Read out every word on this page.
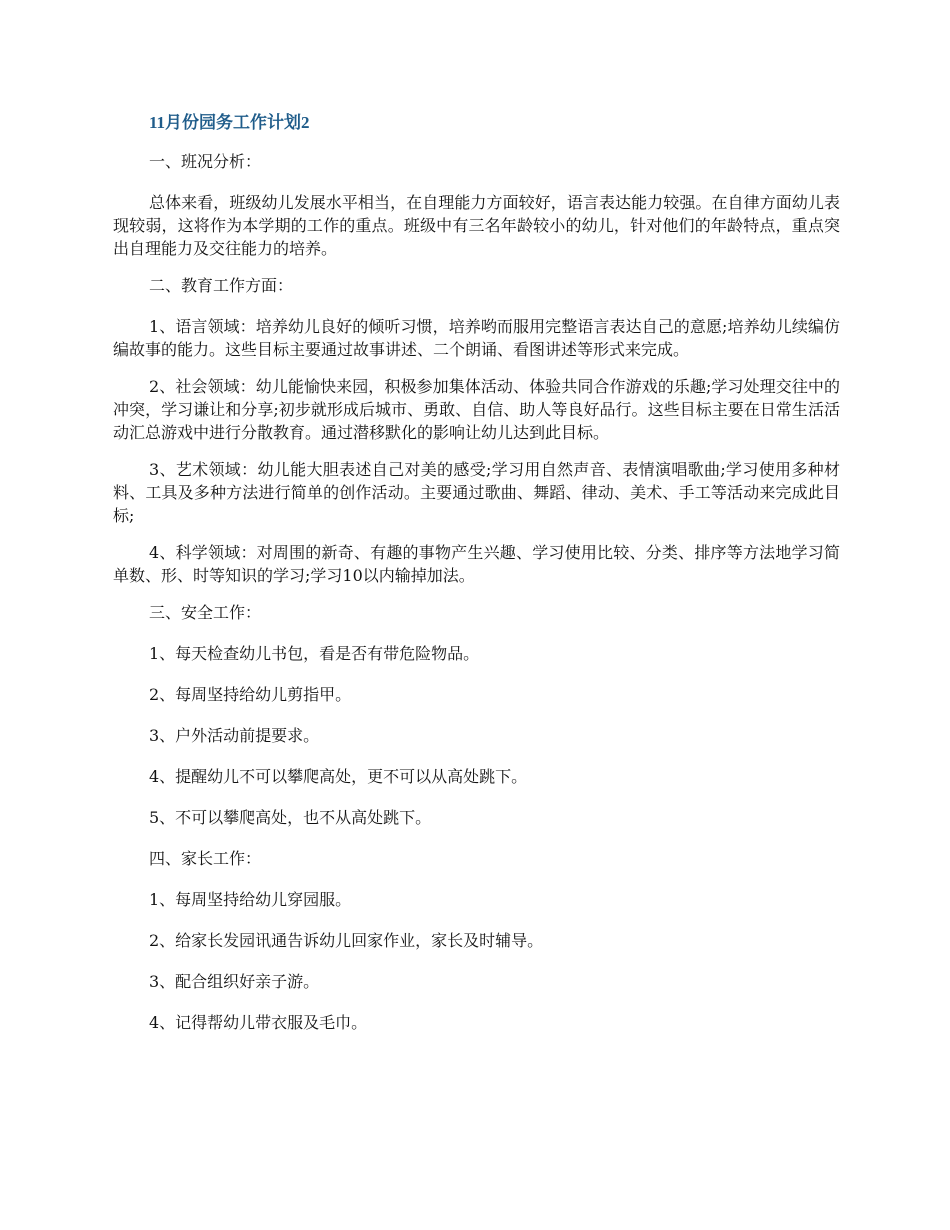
11月份园务工作计划2

一、班况分析：

总体来看，班级幼儿发展水平相当，在自理能力方面较好，语言表达能力较强。在自律方面幼儿表现较弱，这将作为本学期的工作的重点。班级中有三名年龄较小的幼儿，针对他们的年龄特点，重点突出自理能力及交往能力的培养。

二、教育工作方面：

1、语言领域：培养幼儿良好的倾听习惯，培养哟而服用完整语言表达自己的意愿;培养幼儿续编仿编故事的能力。这些目标主要通过故事讲述、二个朗诵、看图讲述等形式来完成。

2、社会领域：幼儿能愉快来园，积极参加集体活动、体验共同合作游戏的乐趣;学习处理交往中的冲突，学习谦让和分享;初步就形成后城市、勇敢、自信、助人等良好品行。这些目标主要在日常生活活动汇总游戏中进行分散教育。通过潜移默化的影响让幼儿达到此目标。

3、艺术领域：幼儿能大胆表述自己对美的感受;学习用自然声音、表情演唱歌曲;学习使用多种材料、工具及多种方法进行简单的创作活动。主要通过歌曲、舞蹈、律动、美术、手工等活动来完成此目标;

4、科学领域：对周围的新奇、有趣的事物产生兴趣、学习使用比较、分类、排序等方法地学习简单数、形、时等知识的学习;学习10以内输掉加法。

三、安全工作：

1、每天检查幼儿书包，看是否有带危险物品。

2、每周坚持给幼儿剪指甲。

3、户外活动前提要求。

4、提醒幼儿不可以攀爬高处，更不可以从高处跳下。

5、不可以攀爬高处，也不从高处跳下。

四、家长工作：

1、每周坚持给幼儿穿园服。

2、给家长发园讯通告诉幼儿回家作业，家长及时辅导。

3、配合组织好亲子游。

4、记得帮幼儿带衣服及毛巾。
